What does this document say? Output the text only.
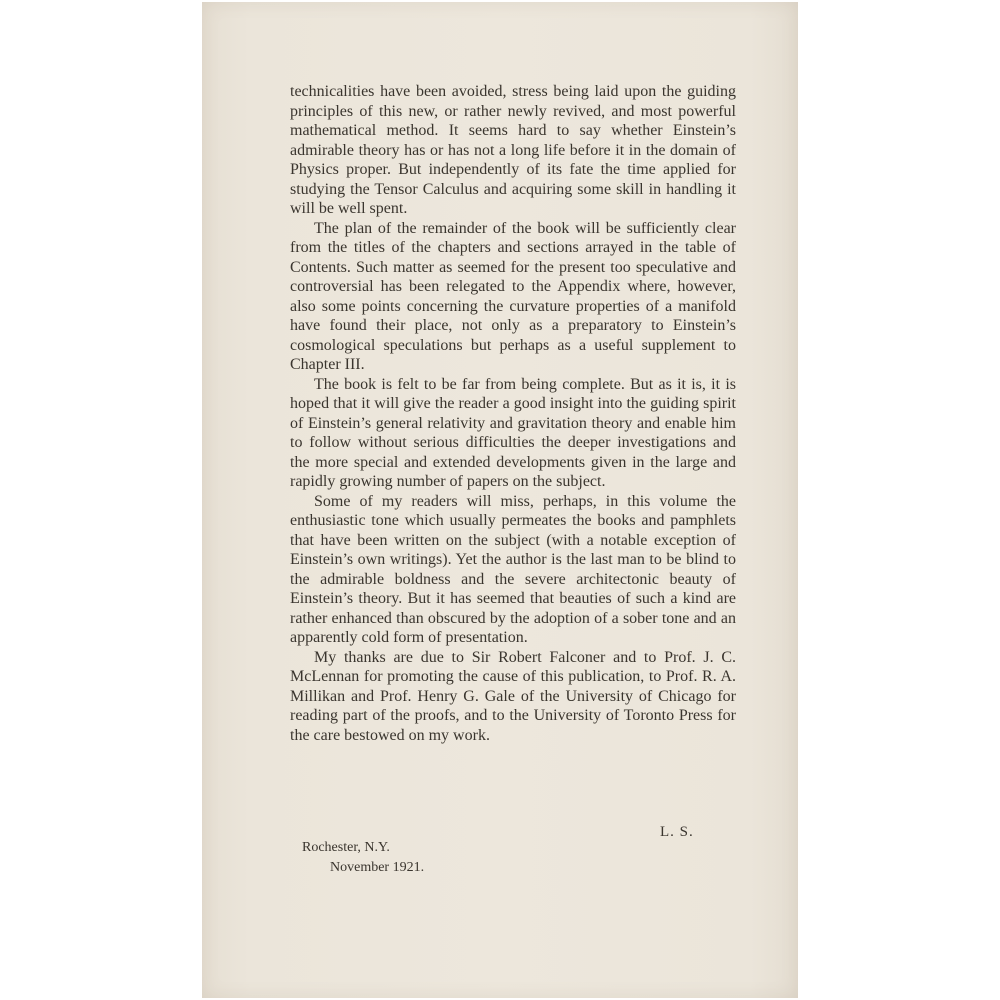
technicalities have been avoided, stress being laid upon the guiding principles of this new, or rather newly revived, and most powerful mathematical method. It seems hard to say whether Einstein’s admirable theory has or has not a long life before it in the domain of Physics proper. But independently of its fate the time applied for studying the Tensor Calculus and acquiring some skill in handling it will be well spent.

The plan of the remainder of the book will be sufficiently clear from the titles of the chapters and sections arrayed in the table of Contents. Such matter as seemed for the present too speculative and controversial has been relegated to the Appendix where, however, also some points concerning the curvature properties of a manifold have found their place, not only as a preparatory to Einstein’s cosmological speculations but perhaps as a useful supplement to Chapter III.

The book is felt to be far from being complete. But as it is, it is hoped that it will give the reader a good insight into the guiding spirit of Einstein’s general relativity and gravitation theory and enable him to follow without serious difficulties the deeper investigations and the more special and extended developments given in the large and rapidly growing number of papers on the subject.

Some of my readers will miss, perhaps, in this volume the enthusiastic tone which usually permeates the books and pamphlets that have been written on the subject (with a notable exception of Einstein’s own writings). Yet the author is the last man to be blind to the admirable boldness and the severe architectonic beauty of Einstein’s theory. But it has seemed that beauties of such a kind are rather enhanced than obscured by the adoption of a sober tone and an apparently cold form of presentation.

My thanks are due to Sir Robert Falconer and to Prof. J. C. McLennan for promoting the cause of this publication, to Prof. R. A. Millikan and Prof. Henry G. Gale of the University of Chicago for reading part of the proofs, and to the University of Toronto Press for the care bestowed on my work.

L. S.
Rochester, N.Y.
November 1921.
